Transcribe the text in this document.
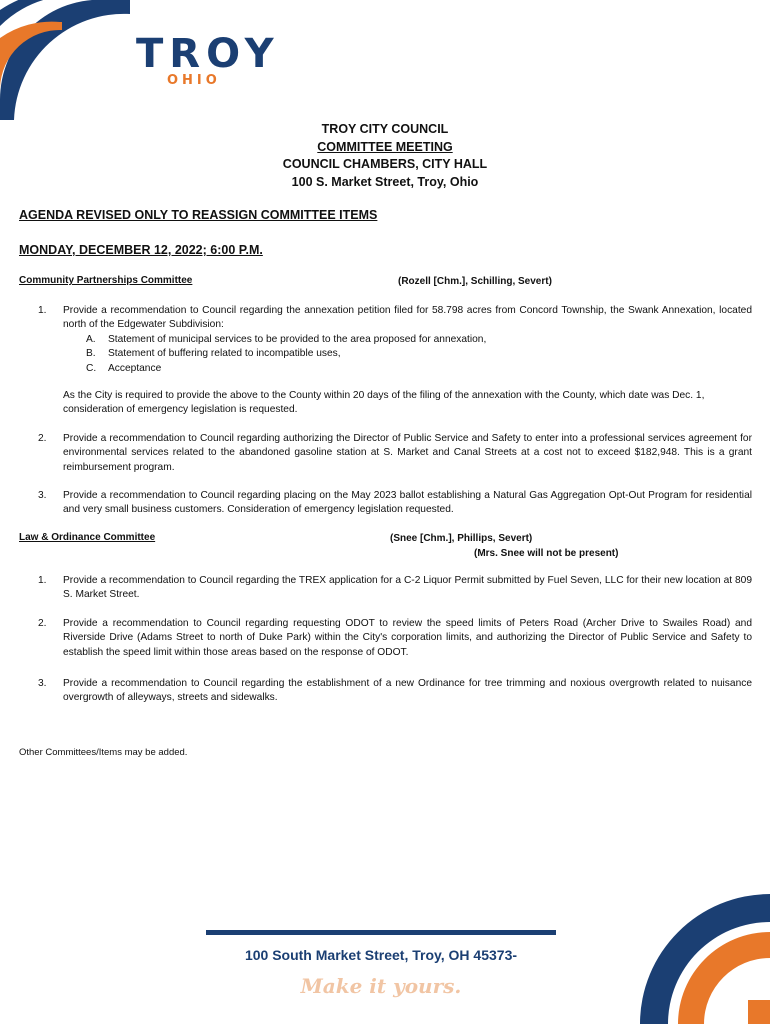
TROY
OHIO
TROY CITY COUNCIL
COMMITTEE MEETING
COUNCIL CHAMBERS, CITY HALL
100 S. Market Street, Troy, Ohio
AGENDA REVISED ONLY TO REASSIGN COMMITTEE ITEMS
MONDAY, DECEMBER 12, 2022; 6:00 P.M.
Community Partnerships Committee	(Rozell [Chm.], Schilling, Severt)
1.	Provide a recommendation to Council regarding the annexation petition filed for 58.798 acres from Concord Township, the Swank Annexation, located north of the Edgewater Subdivision:
A. Statement of municipal services to be provided to the area proposed for annexation,
B. Statement of buffering related to incompatible uses,
C. Acceptance
As the City is required to provide the above to the County within 20 days of the filing of the annexation with the County, which date was Dec. 1, consideration of emergency legislation is requested.
2.	Provide a recommendation to Council regarding authorizing the Director of Public Service and Safety to enter into a professional services agreement for environmental services related to the abandoned gasoline station at S. Market and Canal Streets at a cost not to exceed $182,948. This is a grant reimbursement program.
3.	Provide a recommendation to Council regarding placing on the May 2023 ballot establishing a Natural Gas Aggregation Opt-Out Program for residential and very small business customers. Consideration of emergency legislation requested.
Law & Ordinance Committee	(Snee [Chm.], Phillips, Severt)
(Mrs. Snee will not be present)
1.	Provide a recommendation to Council regarding the TREX application for a C-2 Liquor Permit submitted by Fuel Seven, LLC for their new location at 809 S. Market Street.
2.	Provide a recommendation to Council regarding requesting ODOT to review the speed limits of Peters Road (Archer Drive to Swailes Road) and Riverside Drive (Adams Street to north of Duke Park) within the City's corporation limits, and authorizing the Director of Public Service and Safety to establish the speed limit within those areas based on the response of ODOT.
3.	Provide a recommendation to Council regarding the establishment of a new Ordinance for tree trimming and noxious overgrowth related to nuisance overgrowth of alleyways, streets and sidewalks.
Other Committees/Items may be added.
100 South Market Street, Troy, OH 45373-
Make it yours.
